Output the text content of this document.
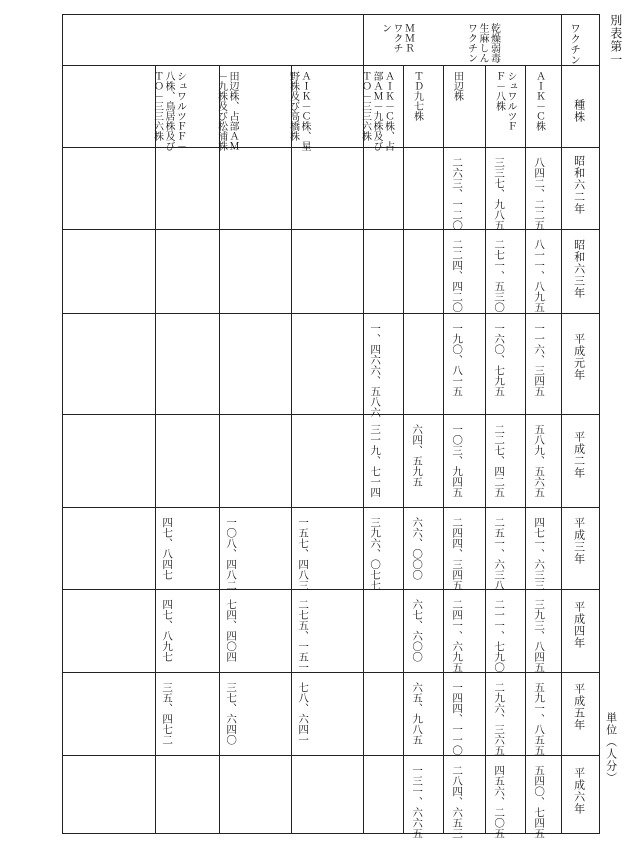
別表第一
単位（人分）
ワクチン
種株
乾燥弱毒
生麻しん
ワクチン
ＭＭＲ
ワクチ
ン
昭和六二年
昭和六三年
平成元年
平成二年
平成三年
平成四年
平成五年
平成六年
ＡＩＫ－Ｃ株
八四二、二二五
八一一、八九五
一一六、三四五
五八九、五六五
四七一、六三三
三九三、八四五
五九一、八五五
五四〇、七四五
シュワルツＦ
Ｆ－八株
三三七、九八五
二七一、五三〇
一六〇、七九五
二二七、四二五
二五一、六三八
二一一、七九〇
二九六、三六五
四五六、二〇五
田辺株
二六三、一二〇
二二四、四二〇
一九〇、八一五
一〇三、九四五
二四四、三四五
二四一、六九五
一四四、一一〇
二八四、六五三
ＴＤ九七株
六四、五九五
六六、〇〇〇
六七、六〇〇
六五、九八五
一三一、六六五
ＡＩＫ－Ｃ株、占
部ＡＭ－九株及び
ＴＯ－三三六株
一、四六六、五八六
三一九、七一四
三九六、〇七七
ＡＩＫ－Ｃ株、星
野株及び高橋株
一五七、四八三
二七五、一五一
七八、六四一
田辺株、占部ＡＭ
－九株及び松浦株
一〇八、四八二
七四、四〇四
三七、六四〇
シュワルツＦＦ－
八株、鳥居株及び
ＴＯ－三三六株
四七、八四七
四七、八九七
三五、四七二
